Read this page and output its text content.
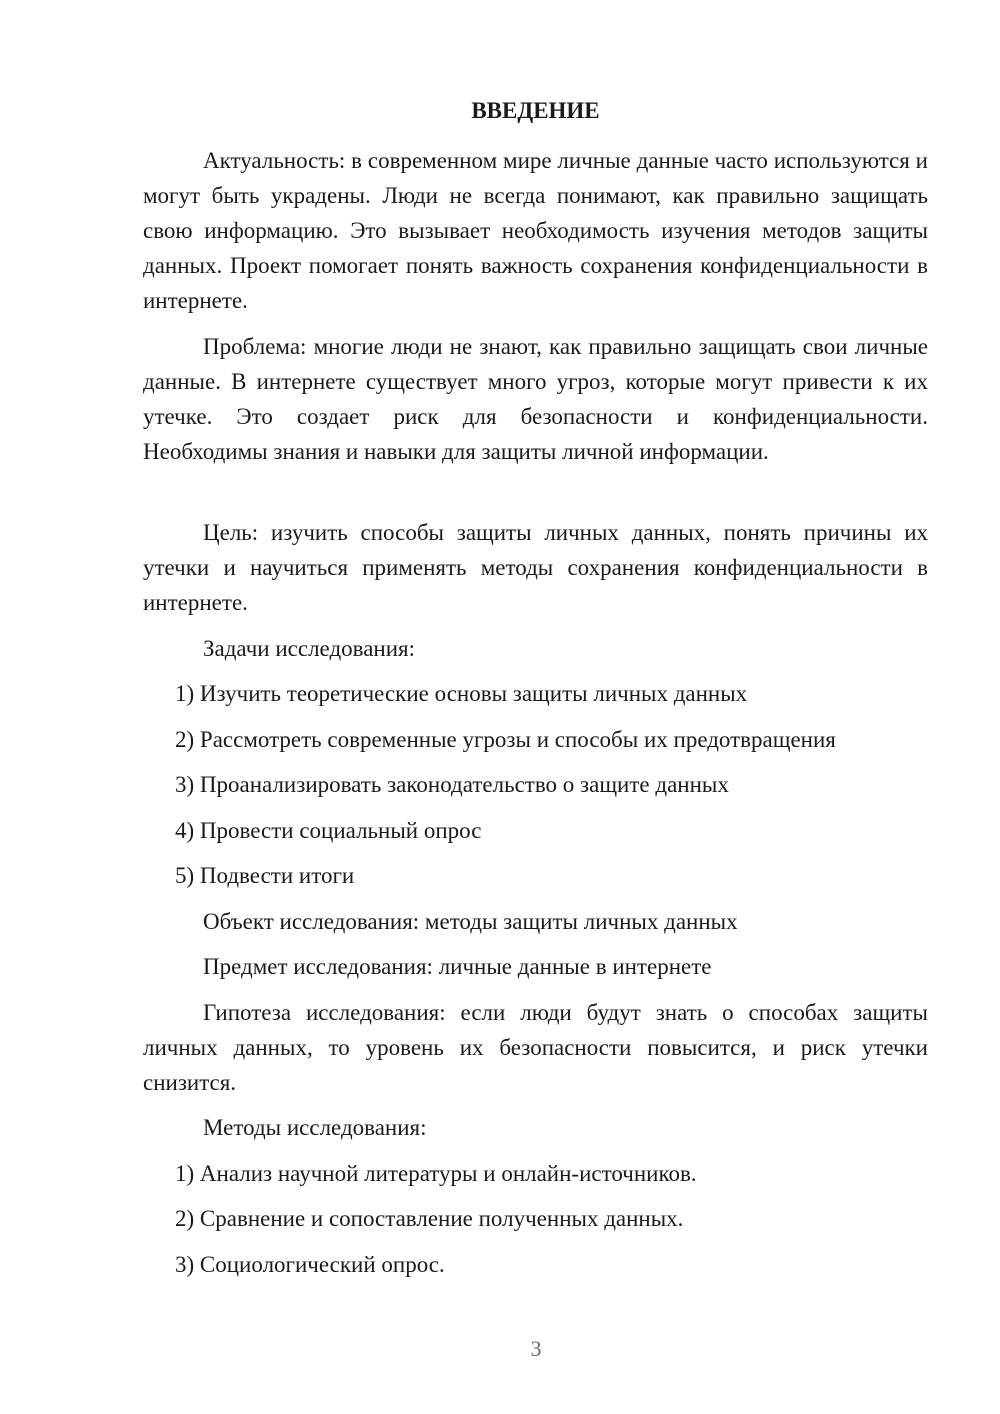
ВВЕДЕНИЕ

Актуальность: в современном мире личные данные часто используются и могут быть украдены. Люди не всегда понимают, как правильно защищать свою информацию. Это вызывает необходимость изучения методов защиты данных. Проект помогает понять важность сохранения конфиденциальности в интернете.

Проблема: многие люди не знают, как правильно защищать свои личные данные. В интернете существует много угроз, которые могут привести к их утечке. Это создает риск для безопасности и конфиденциальности. Необходимы знания и навыки для защиты личной информации.

Цель: изучить способы защиты личных данных, понять причины их утечки и научиться применять методы сохранения конфиденциальности в интернете.

Задачи исследования:

1) Изучить теоретические основы защиты личных данных

2) Рассмотреть современные угрозы и способы их предотвращения

3) Проанализировать законодательство о защите данных

4) Провести социальный опрос

5) Подвести итоги

Объект исследования: методы защиты личных данных

Предмет исследования: личные данные в интернете

Гипотеза исследования: если люди будут знать о способах защиты личных данных, то уровень их безопасности повысится, и риск утечки снизится.

Методы исследования:

1) Анализ научной литературы и онлайн-источников.

2) Сравнение и сопоставление полученных данных.

3) Социологический опрос.

3
